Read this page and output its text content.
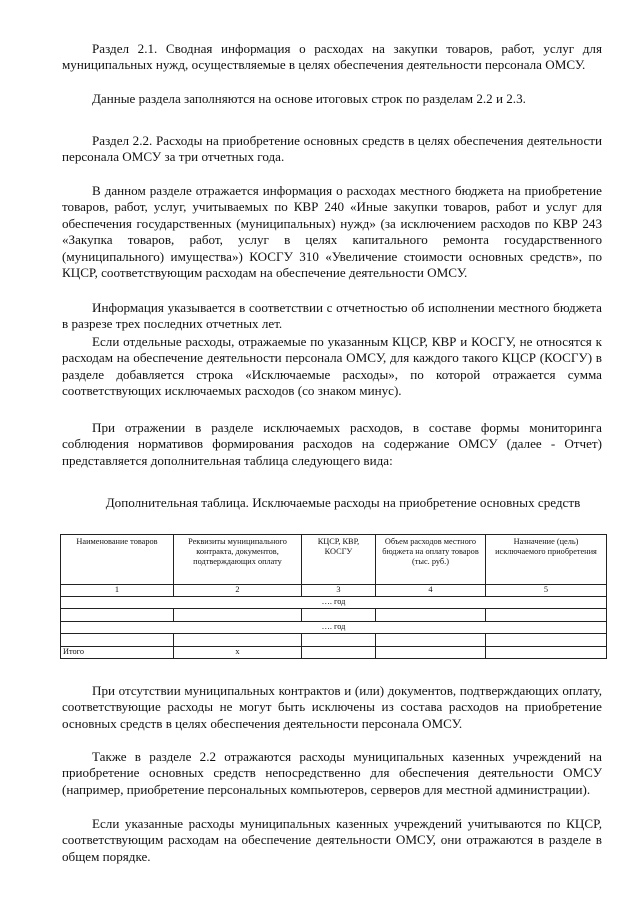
Раздел 2.1. Сводная информация о расходах на закупки товаров, работ, услуг для муниципальных нужд, осуществляемые в целях обеспечения деятельности персонала ОМСУ.

Данные раздела заполняются на основе итоговых строк по разделам 2.2 и 2.3.

Раздел 2.2. Расходы на приобретение основных средств в целях обеспечения деятельности персонала ОМСУ за три отчетных года.

В данном разделе отражается информация о расходах местного бюджета на приобретение товаров, работ, услуг, учитываемых по КВР 240 «Иные закупки товаров, работ и услуг для обеспечения государственных (муниципальных) нужд» (за исключением расходов по КВР 243 «Закупка товаров, работ, услуг в целях капитального ремонта государственного (муниципального) имущества») КОСГУ 310 «Увеличение стоимости основных средств», по КЦСР, соответствующим расходам на обеспечение деятельности ОМСУ.

Информация указывается в соответствии с отчетностью об исполнении местного бюджета в разрезе трех последних отчетных лет.

Если отдельные расходы, отражаемые по указанным КЦСР, КВР и КОСГУ, не относятся к расходам на обеспечение деятельности персонала ОМСУ, для каждого такого КЦСР (КОСГУ) в разделе добавляется строка «Исключаемые расходы», по которой отражается сумма соответствующих исключаемых расходов (со знаком минус).

При отражении в разделе исключаемых расходов, в составе формы мониторинга соблюдения нормативов формирования расходов на содержание ОМСУ (далее - Отчет) представляется дополнительная таблица следующего вида:

Дополнительная таблица. Исключаемые расходы на приобретение основных средств

Наименование товаров	Реквизиты муниципального контракта, документов, подтверждающих оплату	КЦСР, КВР, КОСГУ	Объем расходов местного бюджета на оплату товаров (тыс. руб.)	Назначение (цель) исключаемого приобретения
1	2	3	4	5
…. год				

…. год				

Итого	x			

При отсутствии муниципальных контрактов и (или) документов, подтверждающих оплату, соответствующие расходы не могут быть исключены из состава расходов на приобретение основных средств в целях обеспечения деятельности персонала ОМСУ.

Также в разделе 2.2 отражаются расходы муниципальных казенных учреждений на приобретение основных средств непосредственно для обеспечения деятельности ОМСУ (например, приобретение персональных компьютеров, серверов для местной администрации).

Если указанные расходы муниципальных казенных учреждений учитываются по КЦСР, соответствующим расходам на обеспечение деятельности ОМСУ, они отражаются в разделе в общем порядке.
